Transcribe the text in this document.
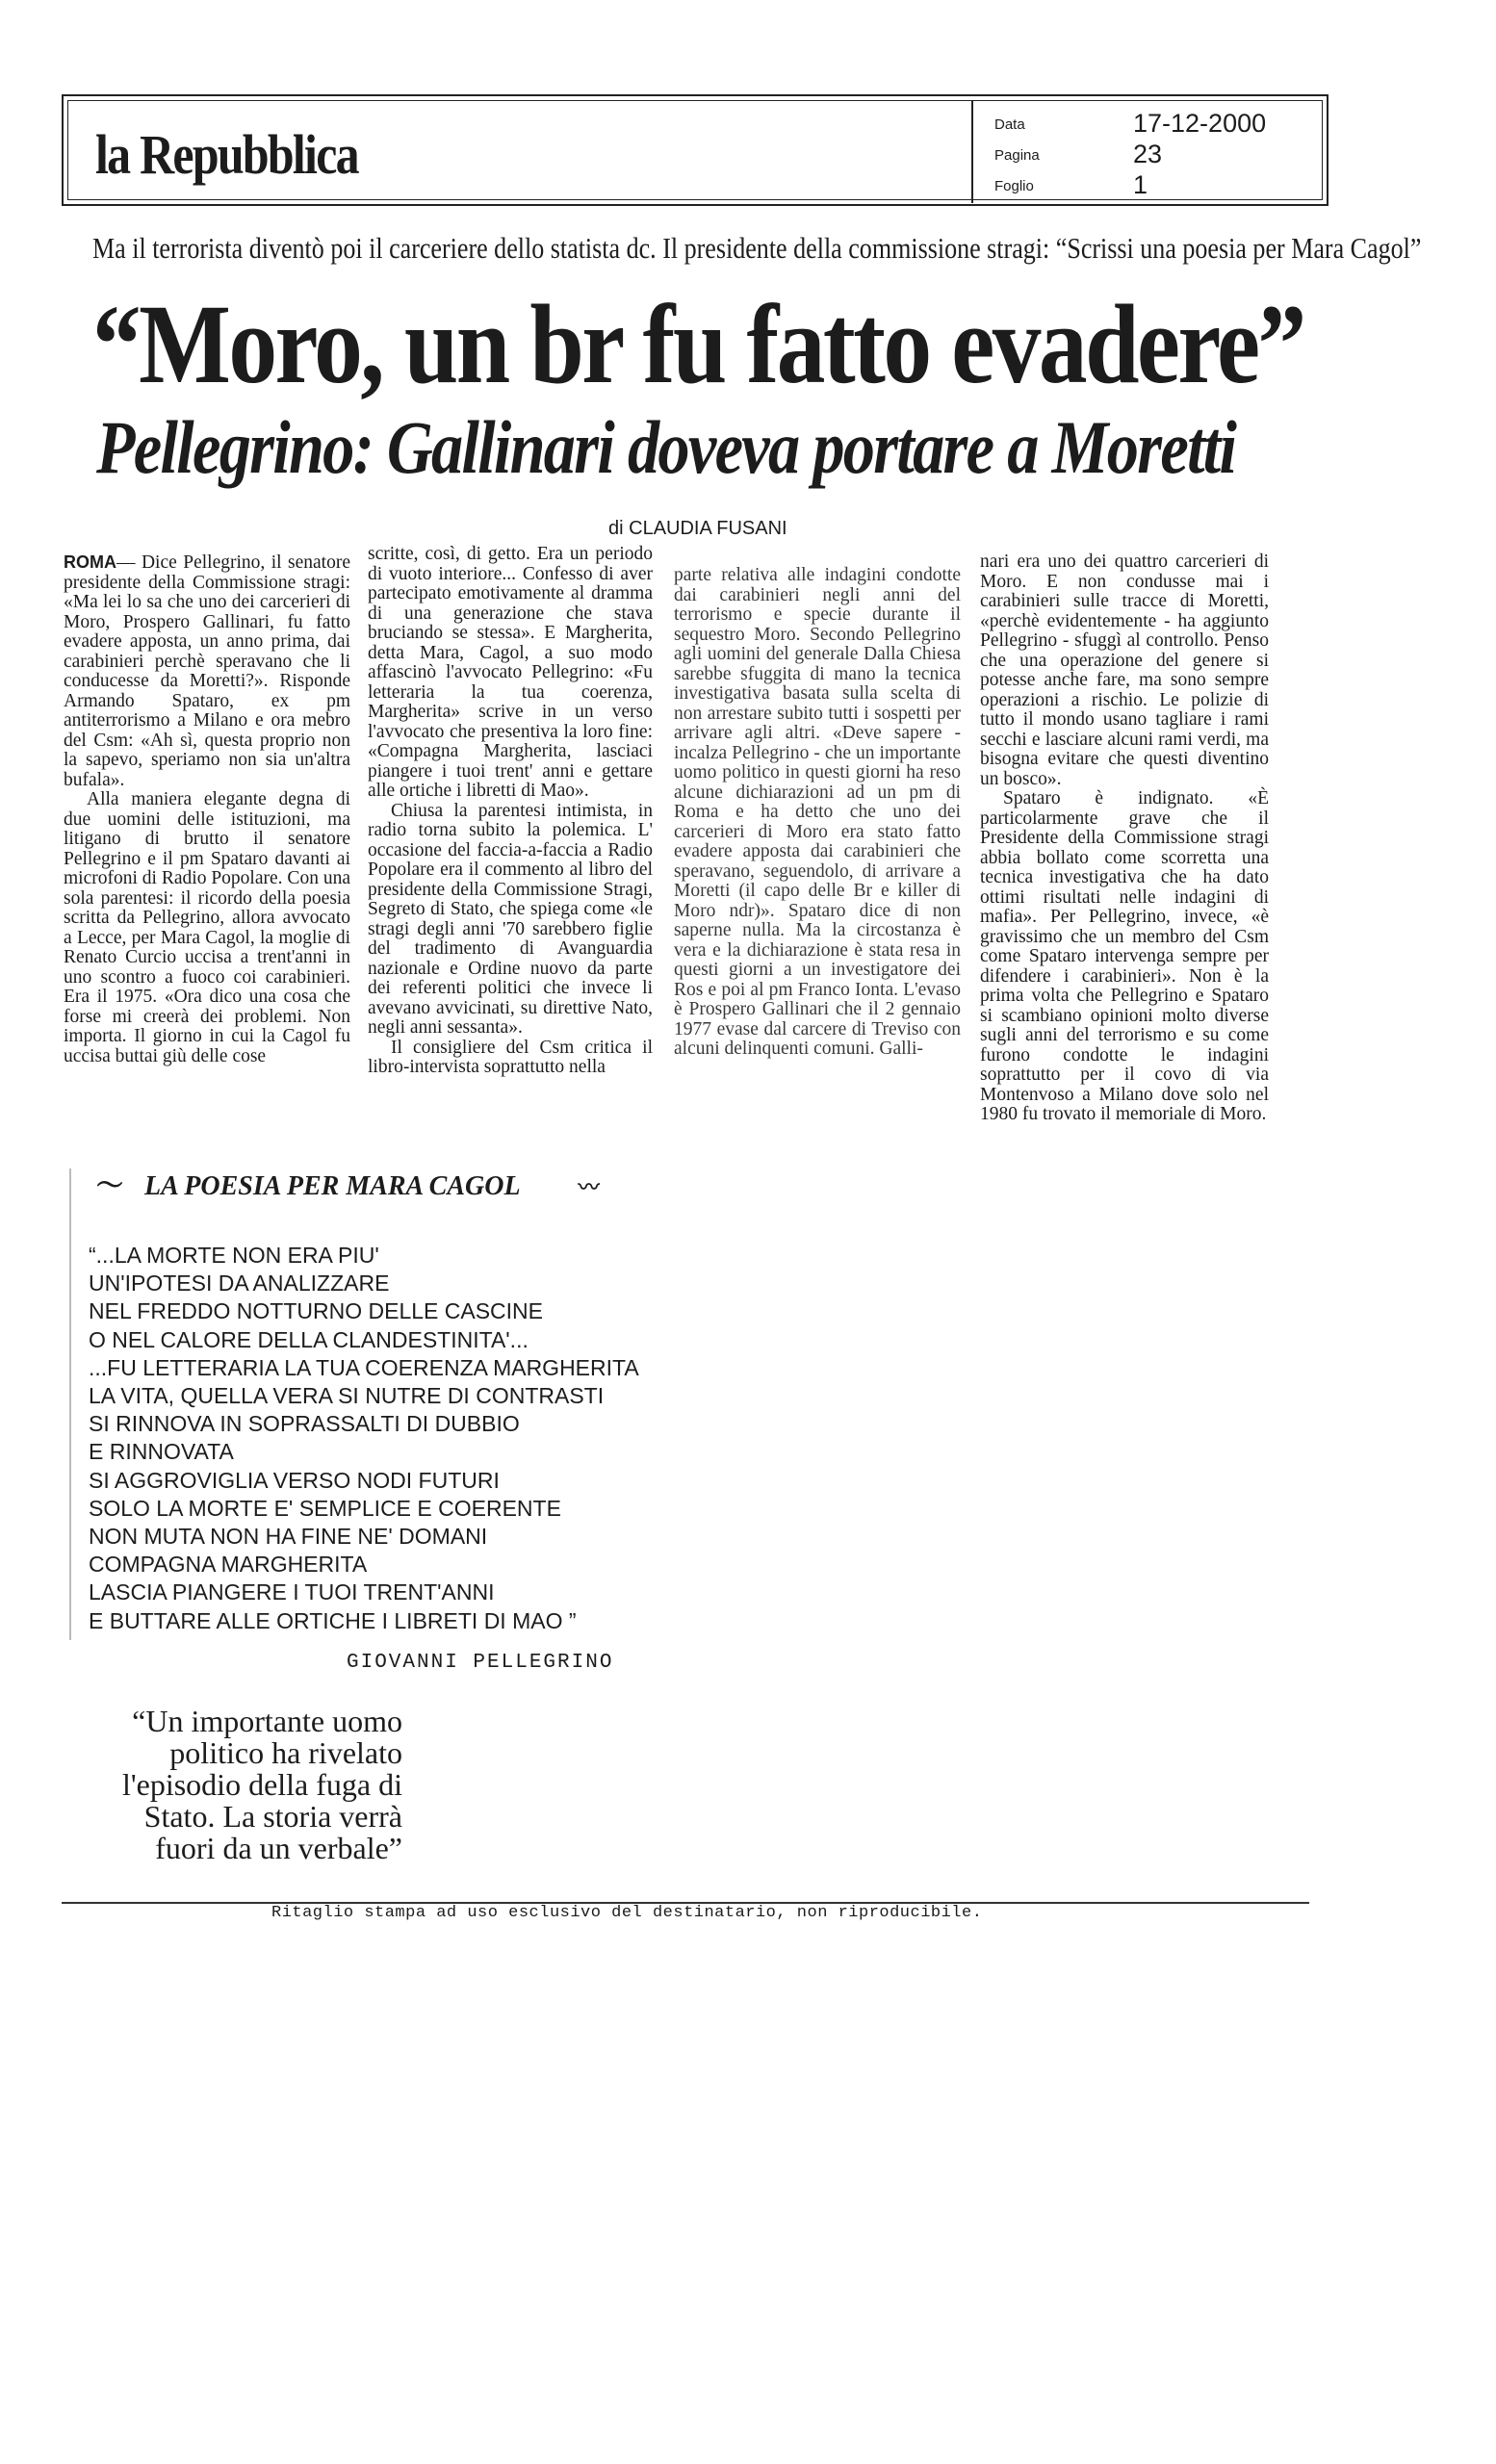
la Repubblica	Data	17-12-2000
Pagina	23
Foglio	1
Ma il terrorista diventò poi il carceriere dello statista dc. Il presidente della commissione stragi: “Scrissi una poesia per Mara Cagol”
“Moro, un br fu fatto evadere”
Pellegrino: Gallinari doveva portare a Moretti
di CLAUDIA FUSANI

ROMA— Dice Pellegrino, il senatore presidente della Commissione stragi: «Ma lei lo sa che uno dei carcerieri di Moro, Prospero Gallinari, fu fatto evadere apposta, un anno prima, dai carabinieri perchè speravano che li conducesse da Moretti?». Risponde Armando Spataro, ex pm antiterrorismo a Milano e ora mebro del Csm: «Ah sì, questa proprio non la sapevo, speriamo non sia un'altra bufala».

Alla maniera elegante degna di due uomini delle istituzioni, ma litigano di brutto il senatore Pellegrino e il pm Spataro davanti ai microfoni di Radio Popolare. Con una sola parentesi: il ricordo della poesia scritta da Pellegrino, allora avvocato a Lecce, per Mara Cagol, la moglie di Renato Curcio uccisa a trent'anni in uno scontro a fuoco coi carabinieri. Era il 1975. «Ora dico una cosa che forse mi creerà dei problemi. Non importa. Il giorno in cui la Cagol fu uccisa buttai giù delle cose

scritte, così, di getto. Era un periodo di vuoto interiore... Confesso di aver partecipato emotivamente al dramma di una generazione che stava bruciando se stessa». E Margherita, detta Mara, Cagol, a suo modo affascinò l'avvocato Pellegrino: «Fu letteraria la tua coerenza, Margherita» scrive in un verso l'avvocato che presentiva la loro fine: «Compagna Margherita, lasciaci piangere i tuoi trent' anni e gettare alle ortiche i libretti di Mao».

Chiusa la parentesi intimista, in radio torna subito la polemica. L' occasione del faccia-a-faccia a Radio Popolare era il commento al libro del presidente della Commissione Stragi, Segreto di Stato, che spiega come «le stragi degli anni '70 sarebbero figlie del tradimento di Avanguardia nazionale e Ordine nuovo da parte dei referenti politici che invece li avevano avvicinati, su direttive Nato, negli anni sessanta».

Il consigliere del Csm critica il libro-intervista soprattutto nella

parte relativa alle indagini condotte dai carabinieri negli anni del terrorismo e specie durante il sequestro Moro. Secondo Pellegrino agli uomini del generale Dalla Chiesa sarebbe sfuggita di mano la tecnica investigativa basata sulla scelta di non arrestare subito tutti i sospetti per arrivare agli altri. «Deve sapere - incalza Pellegrino - che un importante uomo politico in questi giorni ha reso alcune dichiarazioni ad un pm di Roma e ha detto che uno dei carcerieri di Moro era stato fatto evadere apposta dai carabinieri che speravano, seguendolo, di arrivare a Moretti (il capo delle Br e killer di Moro ndr)». Spataro dice di non saperne nulla. Ma la circostanza è vera e la dichiarazione è stata resa in questi giorni a un investigatore dei Ros e poi al pm Franco Ionta. L'evaso è Prospero Gallinari che il 2 gennaio 1977 evase dal carcere di Treviso con alcuni delinquenti comuni. Galli-

nari era uno dei quattro carcerieri di Moro. E non condusse mai i carabinieri sulle tracce di Moretti, «perchè evidentemente - ha aggiunto Pellegrino - sfuggì al controllo. Penso che una operazione del genere si potesse anche fare, ma sono sempre operazioni a rischio. Le polizie di tutto il mondo usano tagliare i rami secchi e lasciare alcuni rami verdi, ma bisogna evitare che questi diventino un bosco».

Spataro è indignato. «È particolarmente grave che il Presidente della Commissione stragi abbia bollato come scorretta una tecnica investigativa che ha dato ottimi risultati nelle indagini di mafia». Per Pellegrino, invece, «è gravissimo che un membro del Csm come Spataro intervenga sempre per difendere i carabinieri». Non è la prima volta che Pellegrino e Spataro si scambiano opinioni molto diverse sugli anni del terrorismo e su come furono condotte le indagini soprattutto per il covo di via Montenvoso a Milano dove solo nel 1980 fu trovato il memoriale di Moro.

〜 LA POESIA PER MARA CAGOL	〰
“...LA MORTE NON ERA PIU'
UN'IPOTESI DA ANALIZZARE
NEL FREDDO NOTTURNO DELLE CASCINE
O NEL CALORE DELLA CLANDESTINITA'...
...FU LETTERARIA LA TUA COERENZA MARGHERITA
LA VITA, QUELLA VERA SI NUTRE DI CONTRASTI
SI RINNOVA IN SOPRASSALTI DI DUBBIO
E RINNOVATA
SI AGGROVIGLIA VERSO NODI FUTURI
SOLO LA MORTE E' SEMPLICE E COERENTE
NON MUTA NON HA FINE NE' DOMANI
COMPAGNA MARGHERITA
LASCIA PIANGERE I TUOI TRENT'ANNI
E BUTTARE ALLE ORTICHE I LIBRETI DI MAO ”
GIOVANNI PELLEGRINO
“Un importante uomo politico ha rivelato l'episodio della fuga di Stato. La storia verrà fuori da un verbale”
Ritaglio stampa ad uso esclusivo del destinatario, non riproducibile.
